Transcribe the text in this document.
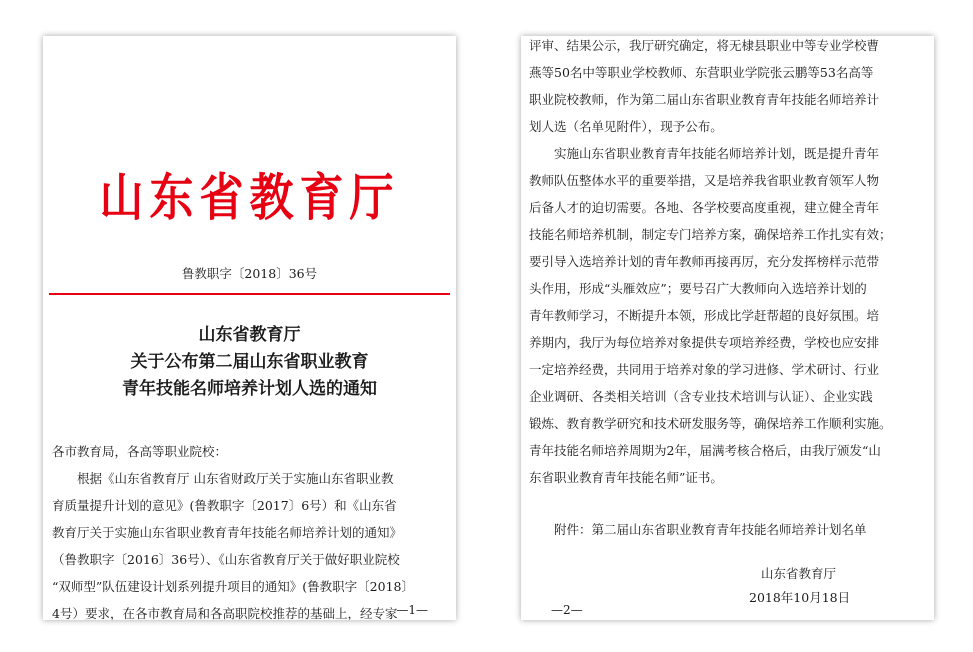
山东省教育厅
鲁教职字〔2018〕36号
山东省教育厅
关于公布第二届山东省职业教育
青年技能名师培养计划人选的通知

各市教育局，各高等职业院校：

根据《山东省教育厅 山东省财政厅关于实施山东省职业教

育质量提升计划的意见》(鲁教职字〔2017〕6号）和《山东省

教育厅关于实施山东省职业教育青年技能名师培养计划的通知》

（鲁教职字〔2016〕36号）、《山东省教育厅关于做好职业院校

“双师型”队伍建设计划系列提升项目的通知》(鲁教职字〔2018〕

4号）要求，在各市教育局和各高职院校推荐的基础上，经专家

—1—

评审、结果公示，我厅研究确定，将无棣县职业中等专业学校曹

燕等50名中等职业学校教师、东营职业学院张云鹏等53名高等

职业院校教师，作为第二届山东省职业教育青年技能名师培养计

划人选（名单见附件），现予公布。

实施山东省职业教育青年技能名师培养计划，既是提升青年

教师队伍整体水平的重要举措，又是培养我省职业教育领军人物

后备人才的迫切需要。各地、各学校要高度重视，建立健全青年

技能名师培养机制，制定专门培养方案，确保培养工作扎实有效；

要引导入选培养计划的青年教师再接再厉，充分发挥榜样示范带

头作用，形成“头雁效应”；要号召广大教师向入选培养计划的

青年教师学习，不断提升本领，形成比学赶帮超的良好氛围。培

养期内，我厅为每位培养对象提供专项培养经费，学校也应安排

一定培养经费，共同用于培养对象的学习进修、学术研讨、行业

企业调研、各类相关培训（含专业技术培训与认证）、企业实践

锻炼、教育教学研究和技术研发服务等，确保培养工作顺利实施。

青年技能名师培养周期为2年，届满考核合格后，由我厅颁发“山

东省职业教育青年技能名师”证书。

附件：第二届山东省职业教育青年技能名师培养计划名单
山东省教育厅
2018年10月18日
—2—
